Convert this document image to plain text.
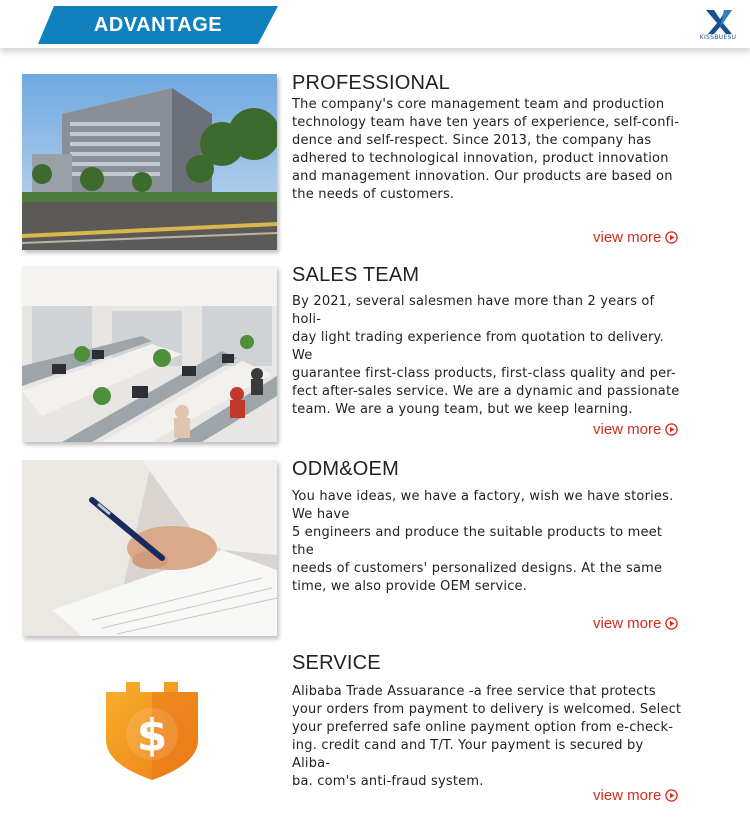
ADVANTAGE
KISSBUESU
PROFESSIONAL
The company's core management team and production
technology team have ten years of experience, self-confi-
dence and self-respect. Since 2013, the company has
adhered to technological innovation, product innovation
and management innovation. Our products are based on
the needs of customers.
view more
SALES TEAM
By 2021, several salesmen have more than 2 years of holi-
day light trading experience from quotation to delivery. We
guarantee first-class products, first-class quality and per-
fect after-sales service. We are a dynamic and passionate
team. We are a young team, but we keep learning.
view more
ODM&OEM
You have ideas, we have a factory, wish we have stories.
We have
5 engineers and produce the suitable products to meet the
needs of customers' personalized designs. At the same
time, we also provide OEM service.
view more
$
SERVICE
Alibaba Trade Assuarance -a free service that protects
your orders from payment to delivery is welcomed. Select
your preferred safe online payment option from e-check-
ing. credit cand and T/T. Your payment is secured by Aliba-
ba. com's anti-fraud system.
view more
